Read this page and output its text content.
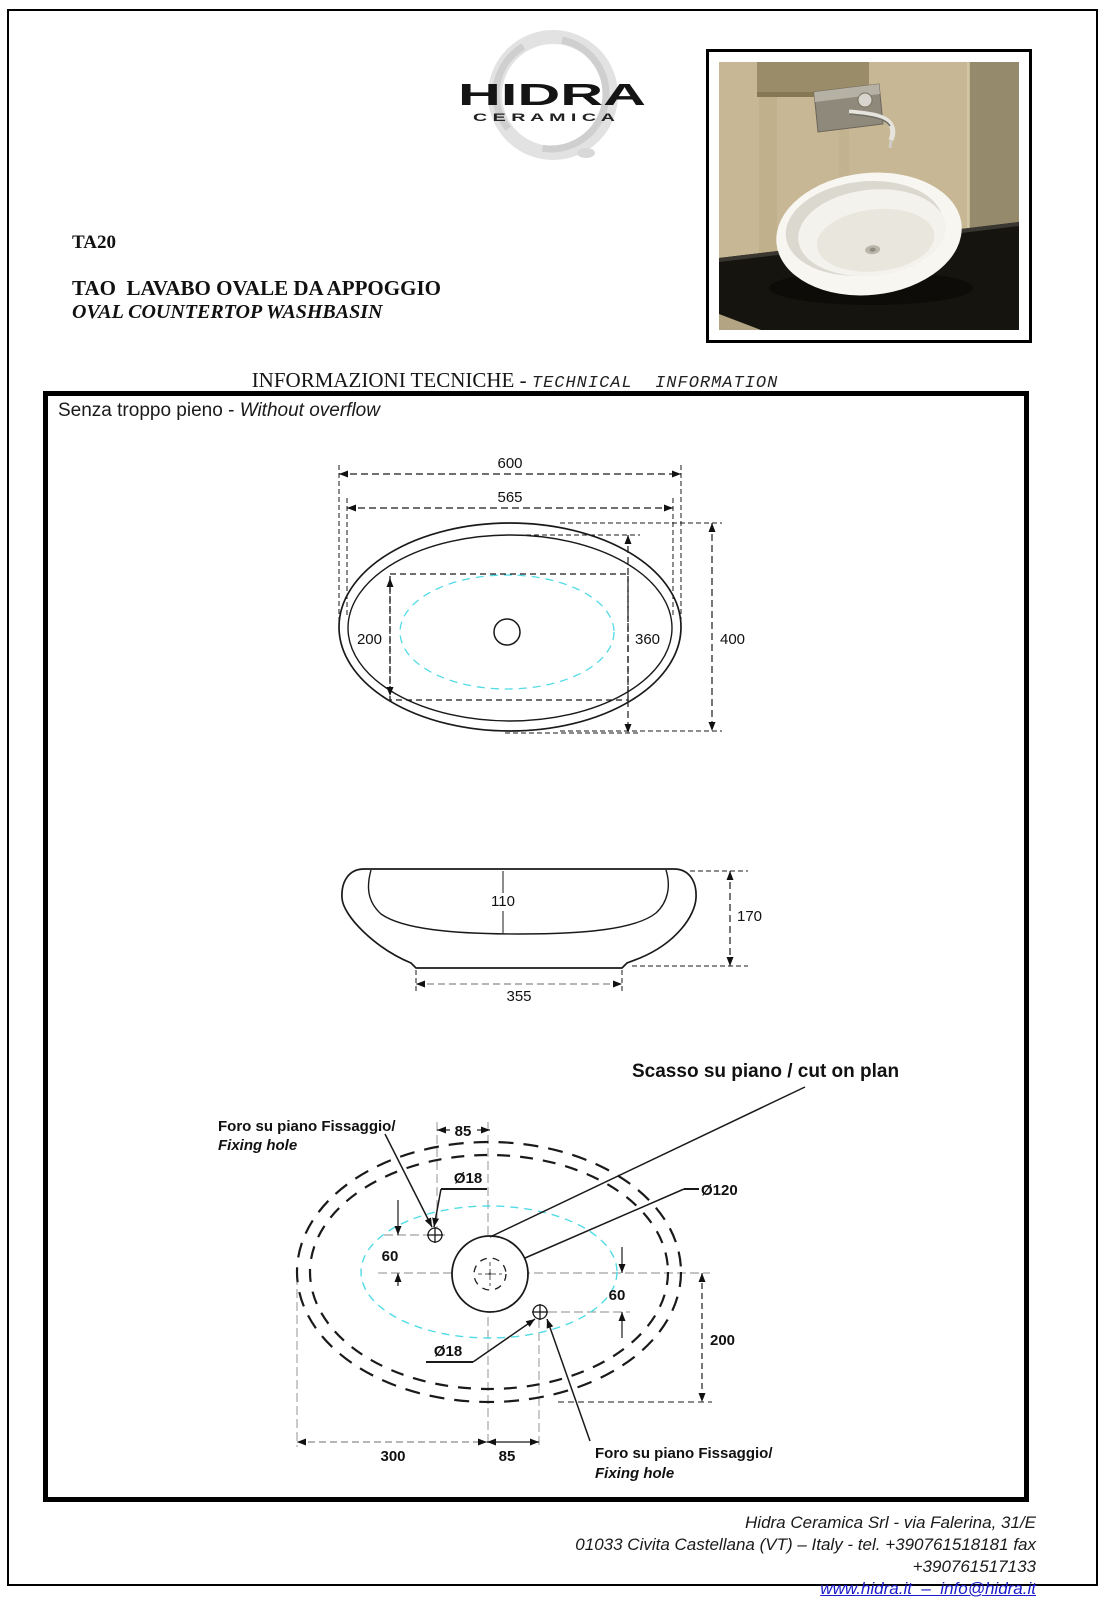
HIDRA
C E R A M I C A
TA20
TAO  LAVABO OVALE DA APPOGGIO
OVAL COUNTERTOP WASHBASIN
INFORMAZIONI TECNICHE - TECHNICAL  INFORMATION
Senza troppo pieno - Without overflow
600
565
200	360	400
110
170
355
Scasso su piano / cut on plan
Foro su piano Fissaggio/
Fixing hole
Foro su piano Fissaggio/
Fixing hole
85
Ø18
Ø18
Ø120
60
60
200
300	85
Hidra Ceramica Srl - via Falerina, 31/E
01033 Civita Castellana (VT) – Italy - tel. +390761518181 fax +390761517133
www.hidra.it  –  info@hidra.it
